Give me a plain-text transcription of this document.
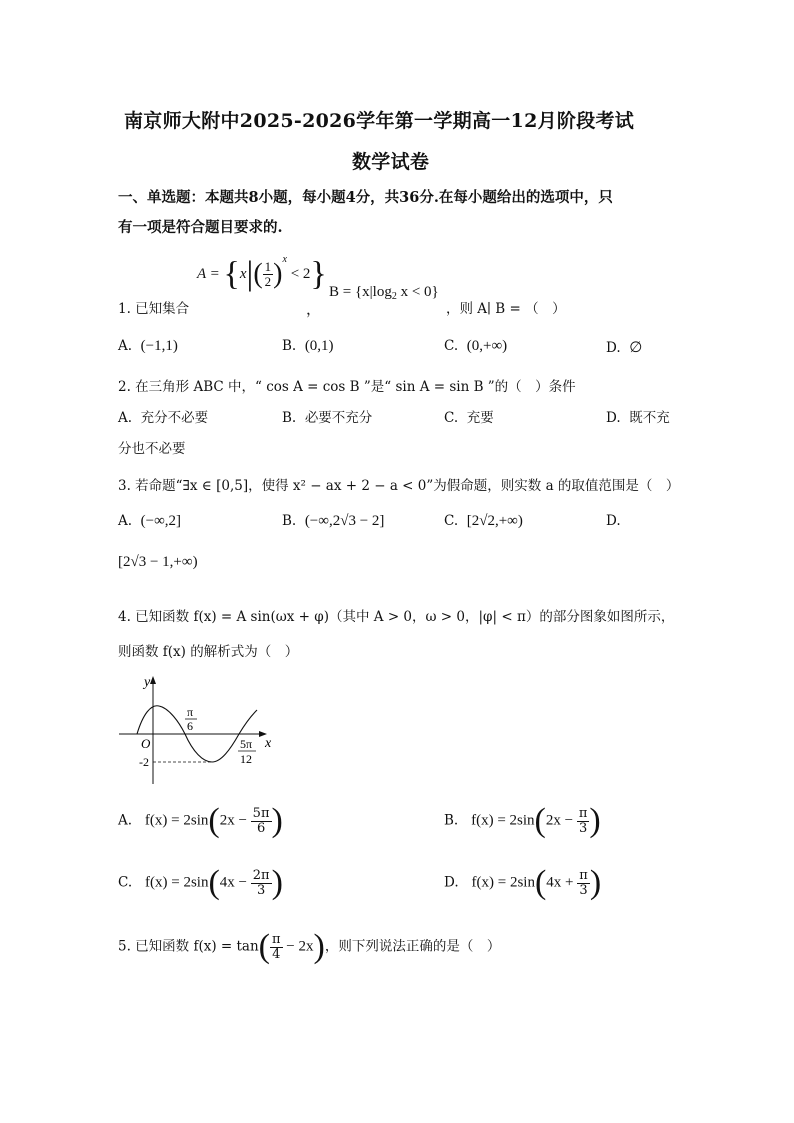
南京师大附中2025-2026学年第一学期高一12月阶段考试
数学试卷
一、单选题：本题共8小题，每小题4分，共36分.在每小题给出的选项中，只
有一项是符合题目要求的.
1. 已知集合
$A = \{x|( \frac{1}{2} )^x < 2\}$
，
$B = \{x|\log_2$ x < 0}
，则 A∣ B = （　）
A. (−1,1)	B. (0,1)	C. (0,+∞)	D. ∅
2. 在三角形 ABC 中，“ cos A = cos B ”是“ sin A = sin B ”的（　）条件
A. 充分不必要	B. 必要不充分	C. 充要	D. 既不充
分也不必要
3. 若命题“∃x ∈ [0,5]，使得 x² − ax + 2 − a < 0”为假命题，则实数 a 的取值范围是（　）
A. (−∞,2]	B. (−∞,2√3 − 2]	C. [2√2,+∞)	D.
[2√3 − 1,+∞)
4. 已知函数 f(x) = A sin(ωx + φ)（其中 A > 0，ω > 0，|φ| < π）的部分图象如图所示，
则函数 f(x) 的解析式为（　）
y
x
O
π
6
-2
5π
12
A. $f(x) = 2\sin(2x - \frac{5\pi}{6}$ )	B. $f(x) = 2\sin(2x - \frac{\pi}{3}$ )
C. $f(x) = 2\sin(4x - \frac{2\pi}{3}$ )	D. $f(x) = 2\sin(4x + \frac{\pi}{3}$ )
5. 已知函数 $f(x) = \tan( \frac{\pi}{4} - 2x)$，则下列说法正确的是（　）
